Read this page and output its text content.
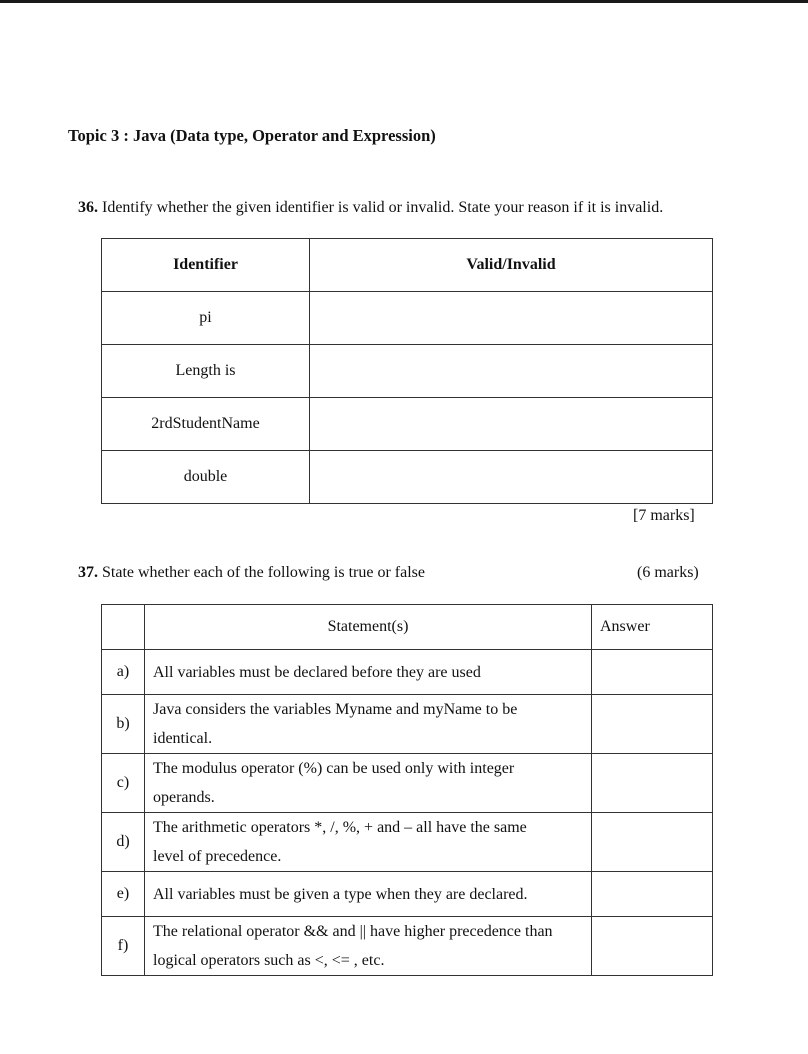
Topic 3 : Java (Data type, Operator and Expression)
36. Identify whether the given identifier is valid or invalid. State your reason if it is invalid.
Identifier	Valid/Invalid
pi	
Length is	
2rdStudentName	
double	
[7 marks]
37. State whether each of the following is true or false	(6 marks)
	Statement(s)	Answer
a)	All variables must be declared before they are used	
b)	Java considers the variables Myname and myName to be
identical.	
c)	The modulus operator (%) can be used only with integer
operands.	
d)	The arithmetic operators *, /, %, + and – all have the same
level of precedence.	
e)	All variables must be given a type when they are declared.	
f)	The relational operator && and || have higher precedence than
logical operators such as <, <= , etc.	
